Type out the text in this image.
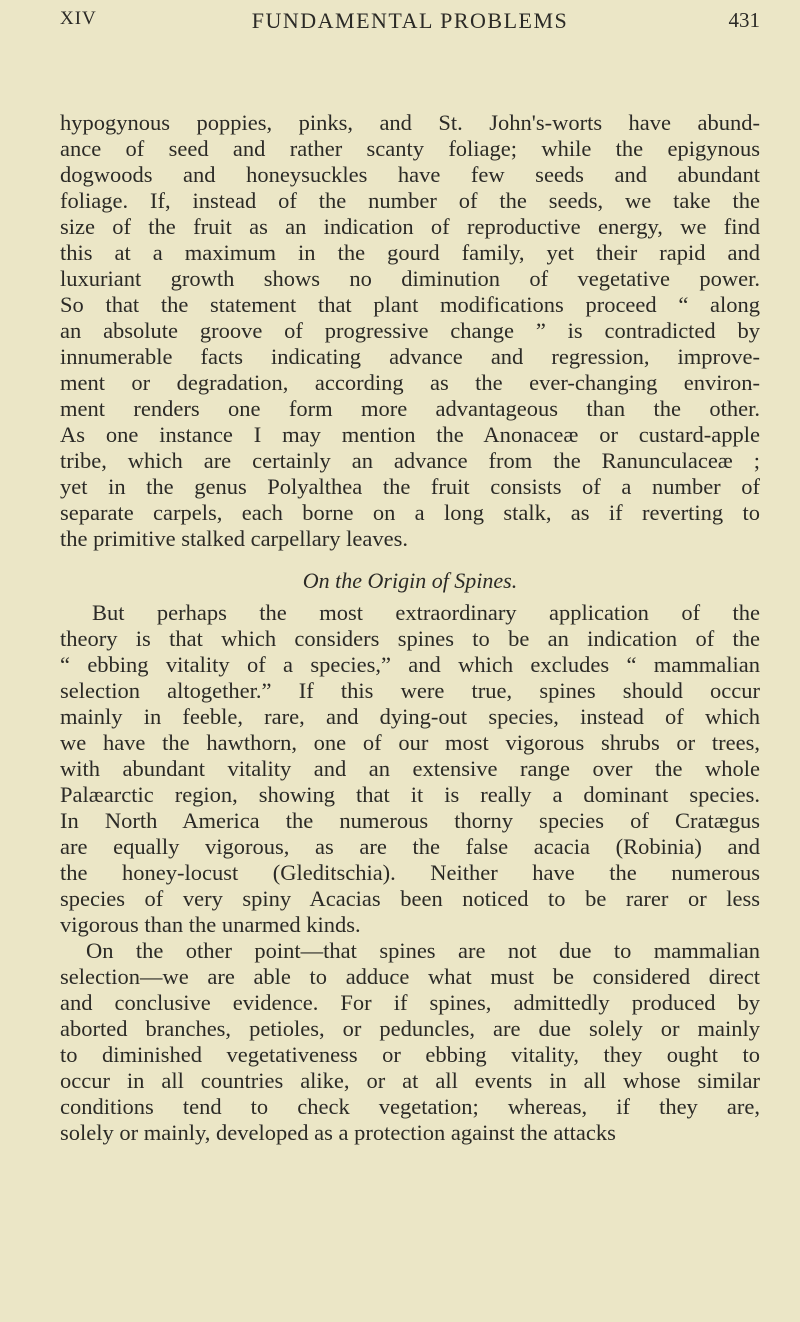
XIV	FUNDAMENTAL PROBLEMS	431
hypogynous poppies, pinks, and St. John's-worts have abund-
ance of seed and rather scanty foliage; while the epigynous
dogwoods and honeysuckles have few seeds and abundant
foliage. If, instead of the number of the seeds, we take the
size of the fruit as an indication of reproductive energy, we find
this at a maximum in the gourd family, yet their rapid and
luxuriant growth shows no diminution of vegetative power.
So that the statement that plant modifications proceed “ along
an absolute groove of progressive change ” is contradicted by
innumerable facts indicating advance and regression, improve-
ment or degradation, according as the ever-changing environ-
ment renders one form more advantageous than the other.
As one instance I may mention the Anonaceæ or custard-apple
tribe, which are certainly an advance from the Ranunculaceæ ;
yet in the genus Polyalthea the fruit consists of a number of
separate carpels, each borne on a long stalk, as if reverting to
the primitive stalked carpellary leaves.
On the Origin of Spines.
But perhaps the most extraordinary application of the
theory is that which considers spines to be an indication of the
“ ebbing vitality of a species,” and which excludes “ mammalian
selection altogether.” If this were true, spines should occur
mainly in feeble, rare, and dying-out species, instead of which
we have the hawthorn, one of our most vigorous shrubs or trees,
with abundant vitality and an extensive range over the whole
Palæarctic region, showing that it is really a dominant species.
In North America the numerous thorny species of Cratægus
are equally vigorous, as are the false acacia (Robinia) and
the honey-locust (Gleditschia). Neither have the numerous
species of very spiny Acacias been noticed to be rarer or less
vigorous than the unarmed kinds.
On the other point—that spines are not due to mammalian
selection—we are able to adduce what must be considered direct
and conclusive evidence. For if spines, admittedly produced by
aborted branches, petioles, or peduncles, are due solely or mainly
to diminished vegetativeness or ebbing vitality, they ought to
occur in all countries alike, or at all events in all whose similar
conditions tend to check vegetation; whereas, if they are,
solely or mainly, developed as a protection against the attacks
